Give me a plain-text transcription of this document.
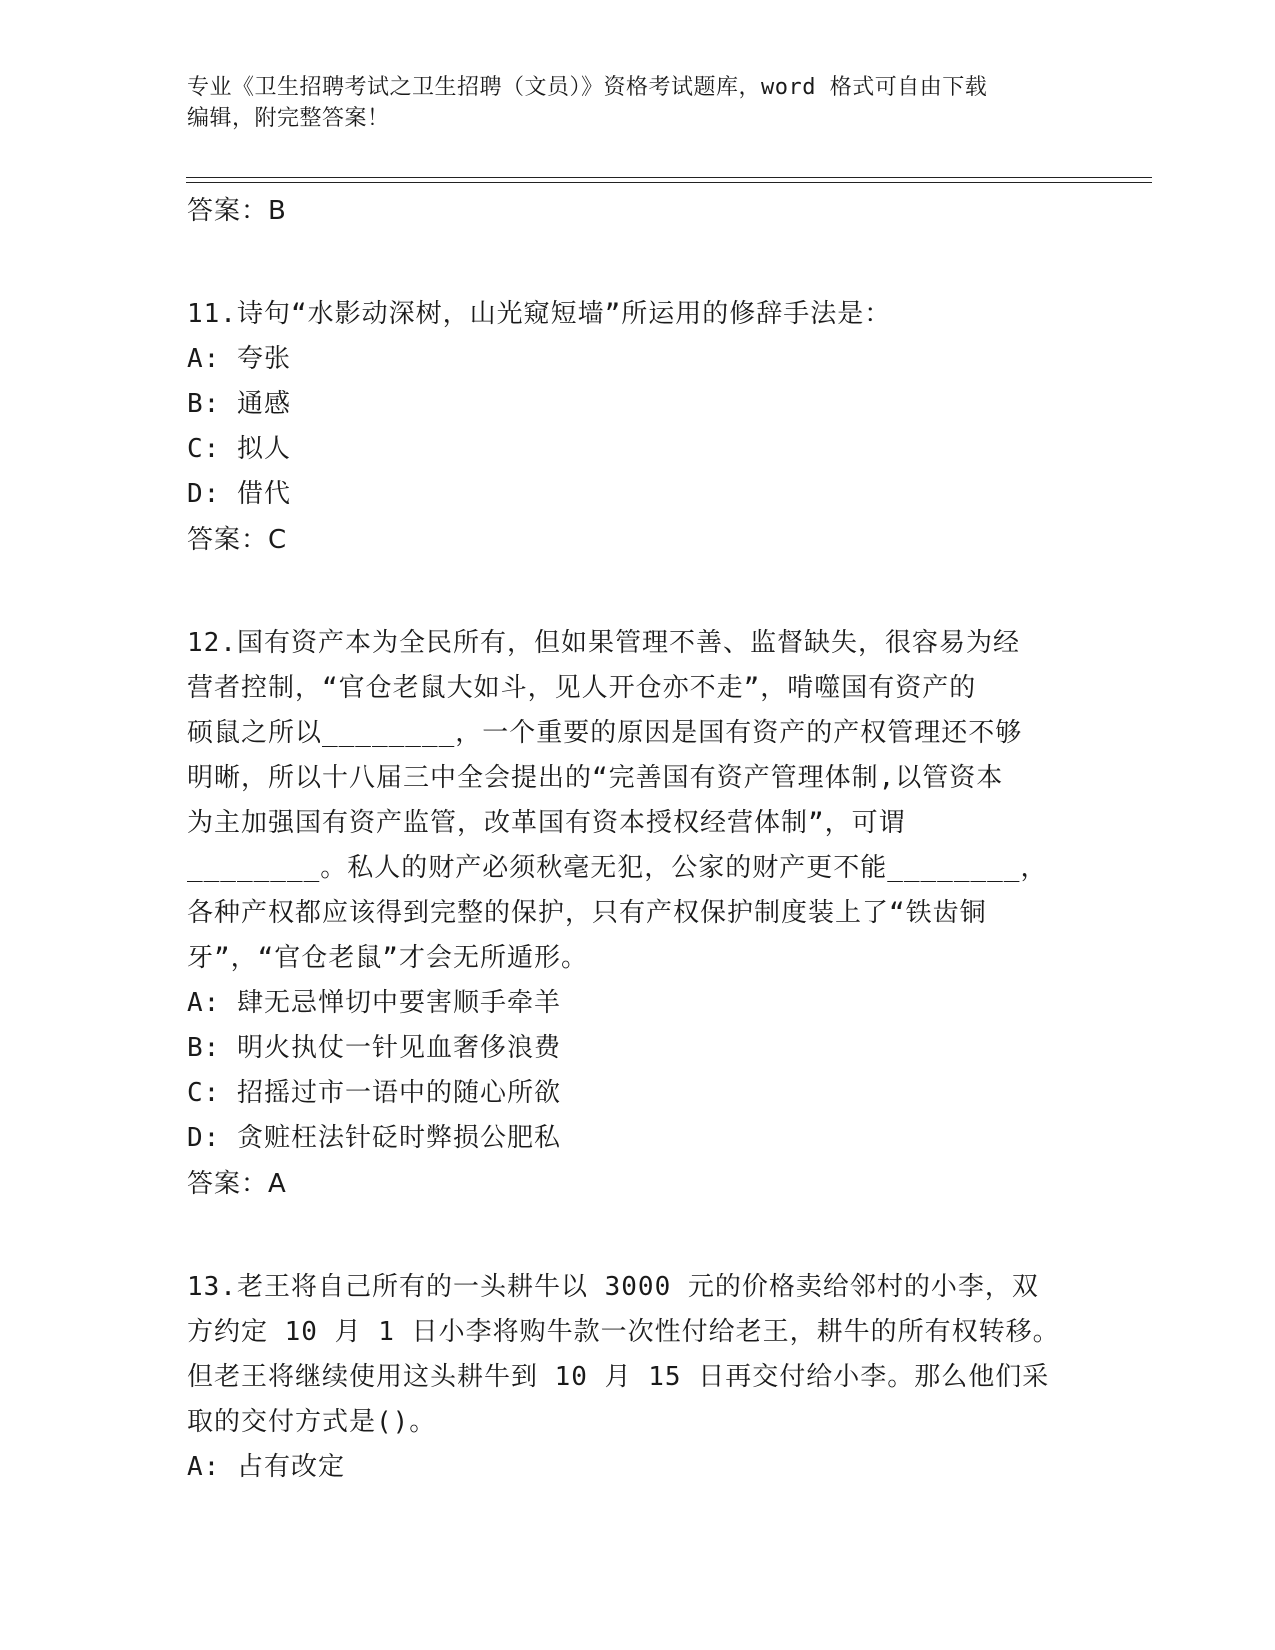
专业《卫生招聘考试之卫生招聘（文员）》资格考试题库，word 格式可自由下载
编辑，附完整答案！

答案：B

11.诗句“水影动深树，山光窥短墙”所运用的修辞手法是：

A: 夸张

B: 通感

C: 拟人

D: 借代

答案：C

12.国有资产本为全民所有，但如果管理不善、监督缺失，很容易为经

营者控制，“官仓老鼠大如斗，见人开仓亦不走”，啃噬国有资产的

硕鼠之所以________，一个重要的原因是国有资产的产权管理还不够

明晰，所以十八届三中全会提出的“完善国有资产管理体制,以管资本

为主加强国有资产监管，改革国有资本授权经营体制”，可谓

________。私人的财产必须秋毫无犯，公家的财产更不能________，

各种产权都应该得到完整的保护，只有产权保护制度装上了“铁齿铜

牙”，“官仓老鼠”才会无所遁形。

A: 肆无忌惮切中要害顺手牵羊

B: 明火执仗一针见血奢侈浪费

C: 招摇过市一语中的随心所欲

D: 贪赃枉法针砭时弊损公肥私

答案：A

13.老王将自己所有的一头耕牛以 3000 元的价格卖给邻村的小李，双

方约定 10 月 1 日小李将购牛款一次性付给老王，耕牛的所有权转移。

但老王将继续使用这头耕牛到 10 月 15 日再交付给小李。那么他们采

取的交付方式是()。

A: 占有改定
